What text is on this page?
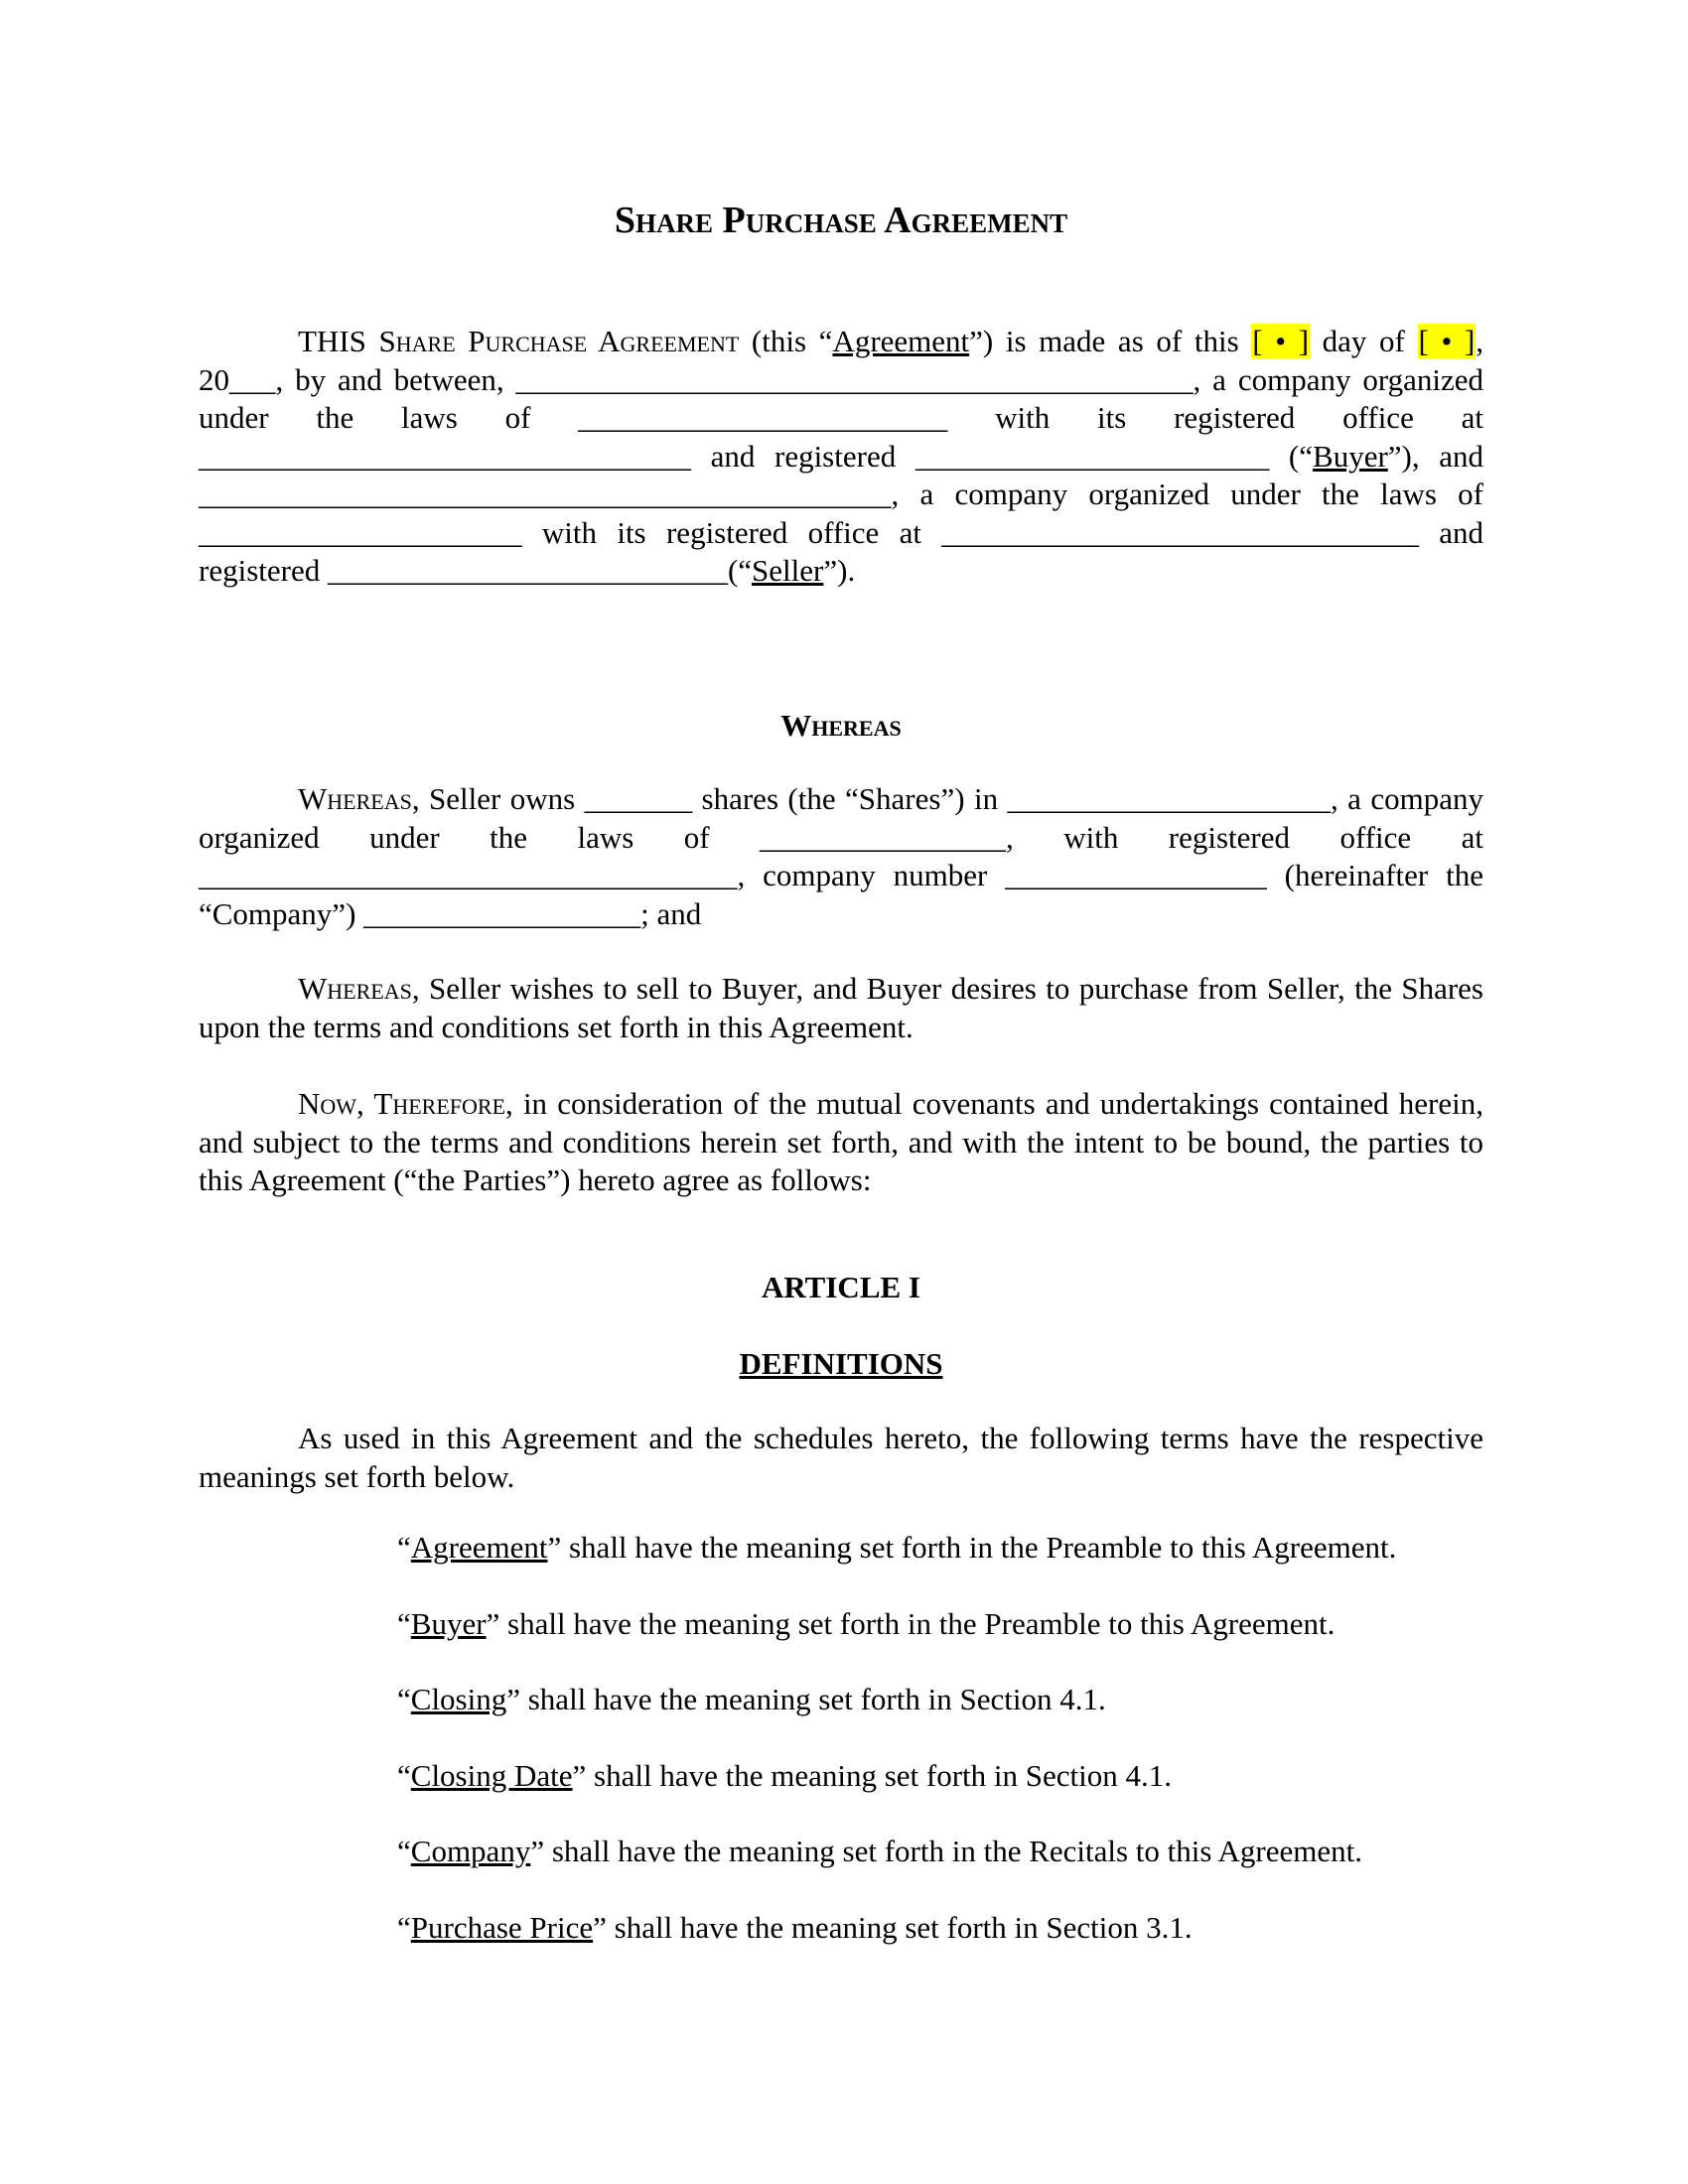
Share Purchase Agreement

THIS Share Purchase Agreement (this “Agreement”) is made as of this [ • ] day of [ • ], 20___, by and between, ____________________________________________, a company organized under the laws of ________________________ with its registered office at ________________________________ and registered _______________________ (“Buyer”), and _____________________________________________, a company organized under the laws of _____________________ with its registered office at _______________________________ and registered __________________________(“Seller”).

Whereas

Whereas, Seller owns _______ shares (the “Shares”) in _____________________, a company organized under the laws of ________________, with registered office at ___________________________________, company number _________________ (hereinafter the “Company”) __________________; and

Whereas, Seller wishes to sell to Buyer, and Buyer desires to purchase from Seller, the Shares upon the terms and conditions set forth in this Agreement.

Now, Therefore, in consideration of the mutual covenants and undertakings contained herein, and subject to the terms and conditions herein set forth, and with the intent to be bound, the parties to this Agreement (“the Parties”) hereto agree as follows:

ARTICLE I
DEFINITIONS

As used in this Agreement and the schedules hereto, the following terms have the respective meanings set forth below.

“Agreement” shall have the meaning set forth in the Preamble to this Agreement.
“Buyer” shall have the meaning set forth in the Preamble to this Agreement.
“Closing” shall have the meaning set forth in Section 4.1.
“Closing Date” shall have the meaning set forth in Section 4.1.
“Company” shall have the meaning set forth in the Recitals to this Agreement.
“Purchase Price” shall have the meaning set forth in Section 3.1.
